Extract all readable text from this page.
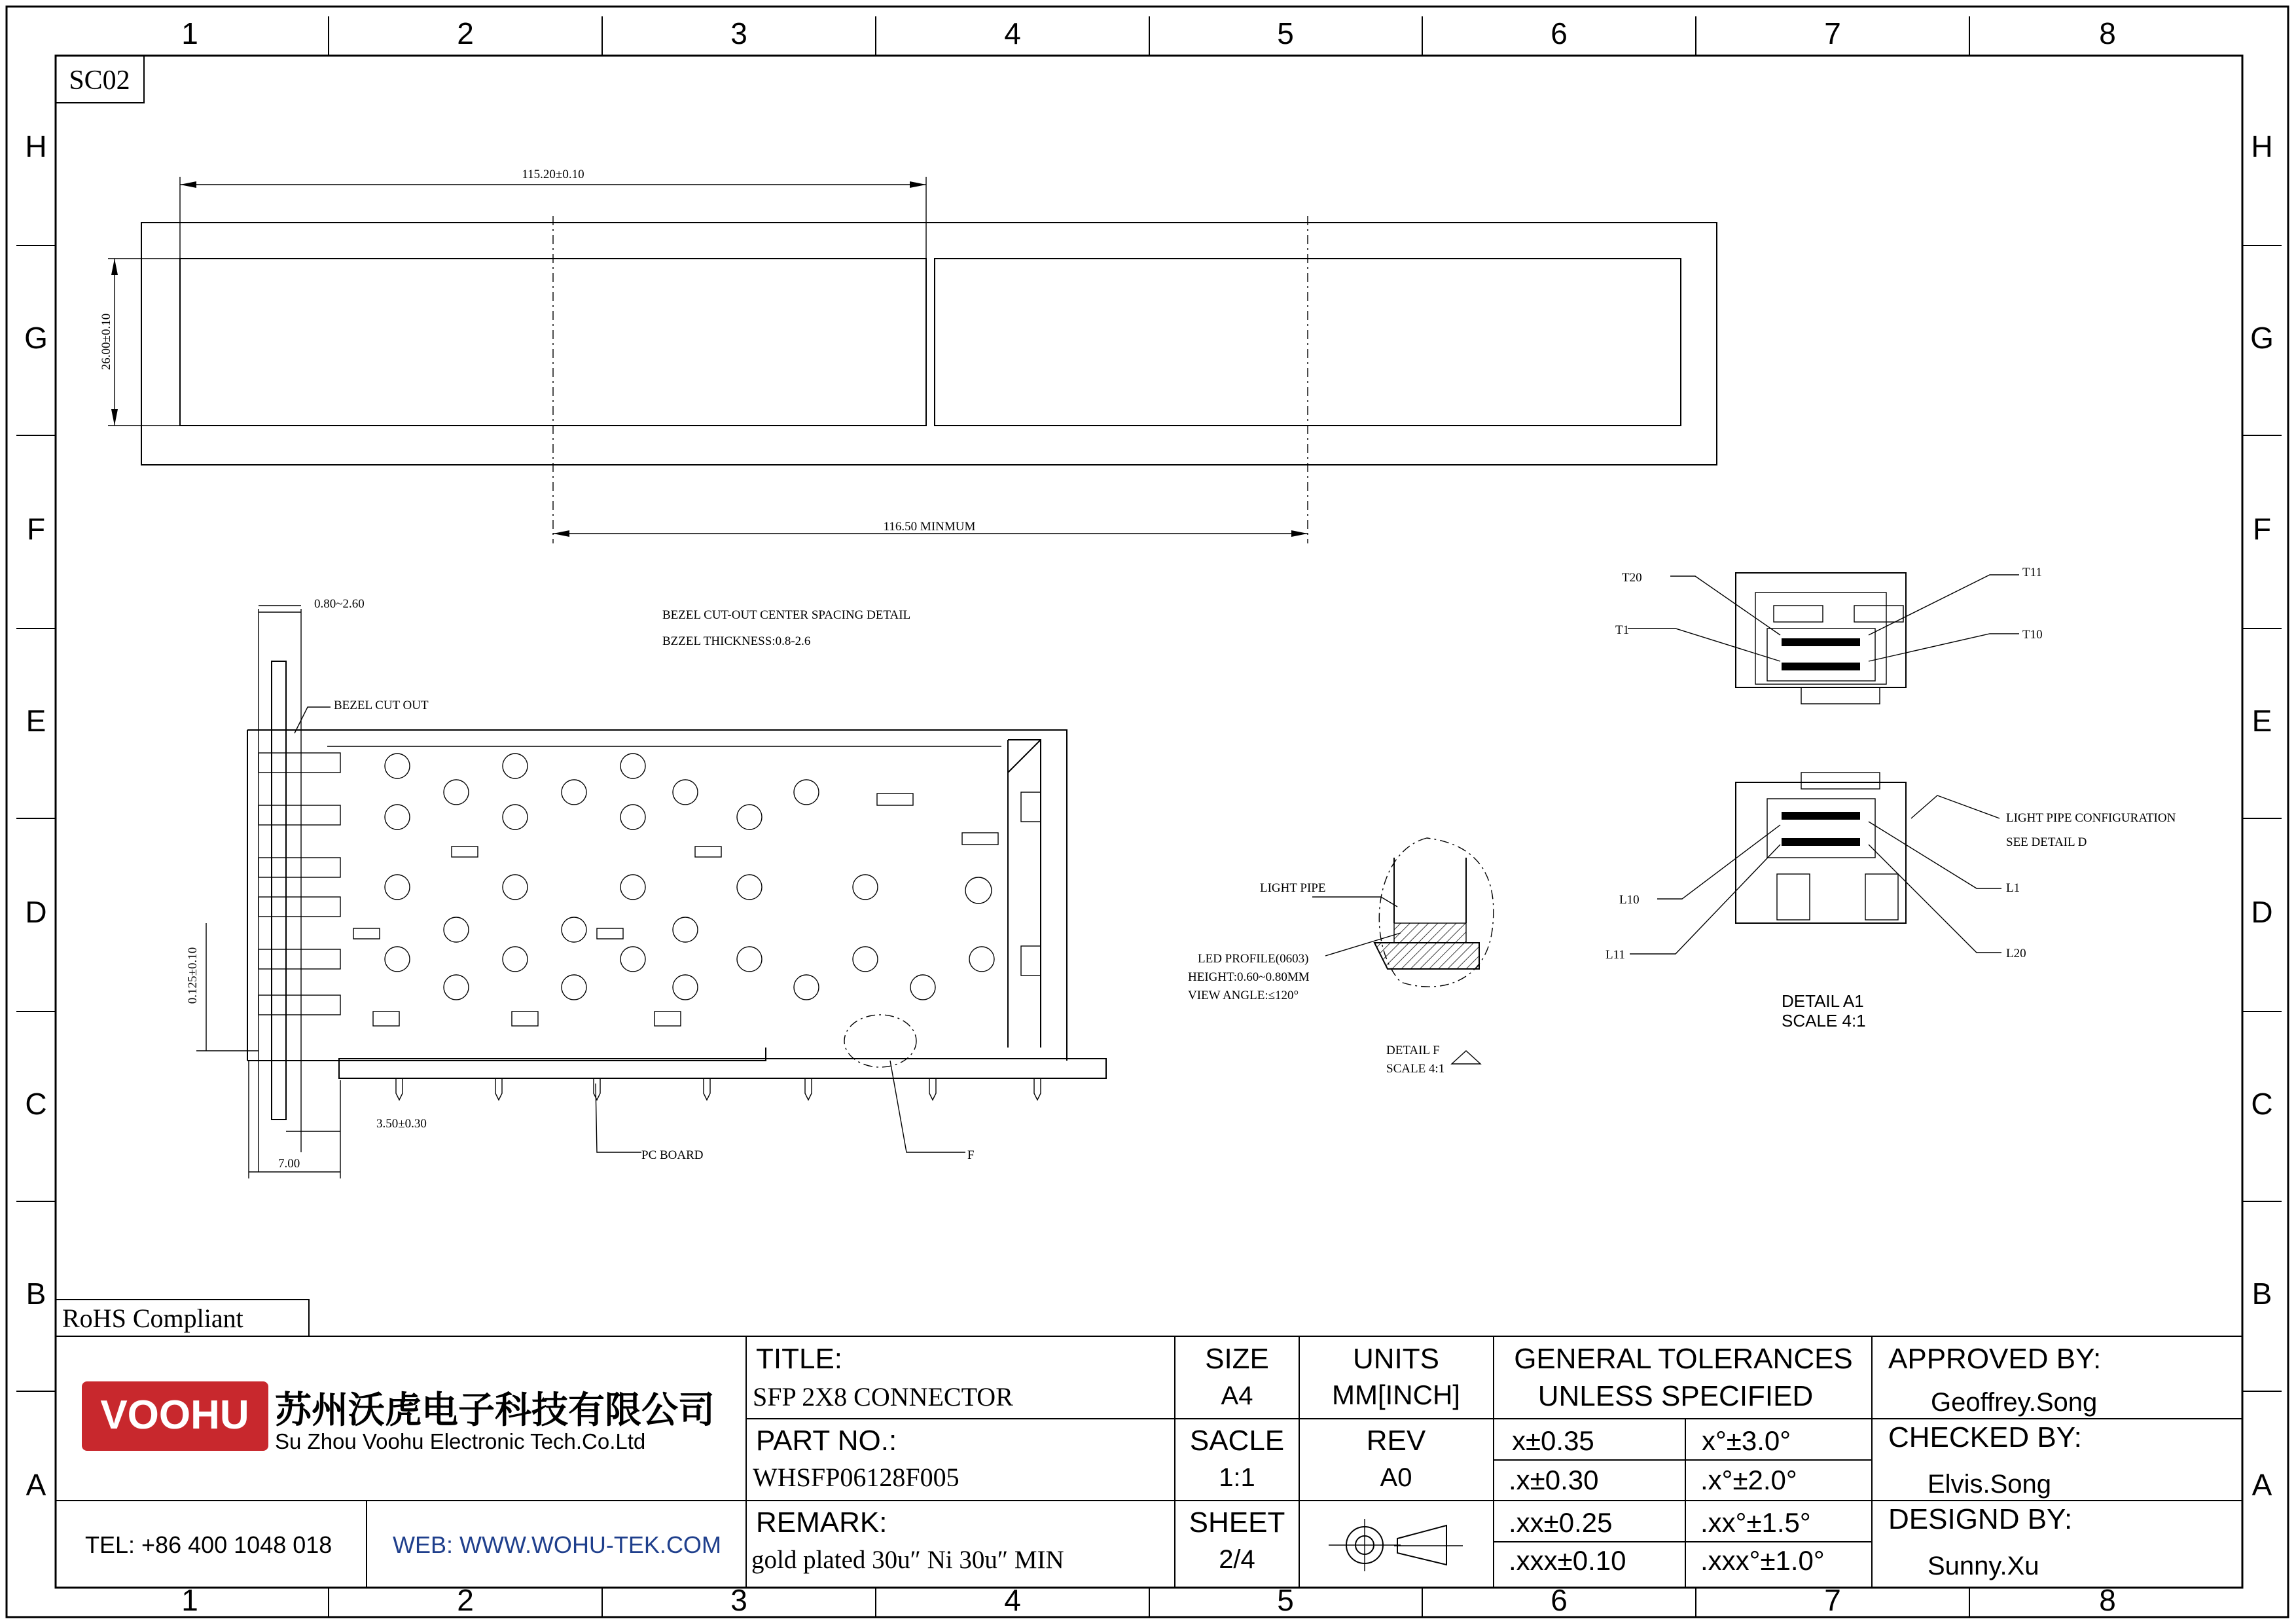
1	2	3	4	5	6	7	8
1	2	3	4	5	6	7	8
H
G
F
E
D
C
B
A
H
G
F
E
D
C
B
A
SC02
115.20±0.10
26.00±0.10
116.50 MINMUM
0.80~2.60
0.125±0.10
3.50±0.30
7.00
BEZEL CUT OUT
PC BOARD	F
BEZEL CUT-OUT CENTER SPACING DETAIL
BZZEL THICKNESS:0.8-2.6
LIGHT PIPE
LED PROFILE(0603)
HEIGHT:0.60~0.80MM
VIEW ANGLE:≤120°
DETAIL F
SCALE 4:1
T20
T1
T11
T10
L10
L11
L1
L20
LIGHT PIPE CONFIGURATION
SEE DETAIL D
DETAIL A1
SCALE 4:1
RoHS Compliant
VOOHU 苏州沃虎电子科技有限公司
Su Zhou Voohu Electronic Tech.Co.Ltd
TEL: +86 400 1048 018	WEB: WWW.WOHU-TEK.COM
TITLE:
SFP 2X8 CONNECTOR
PART NO.:
WHSFP06128F005
REMARK:
gold plated 30u″ Ni 30u″ MIN
SIZE
A4
UNITS
MM[INCH]
SACLE
1:1
REV
A0
SHEET
2/4
GENERAL TOLERANCES
UNLESS SPECIFIED
x±0.35	x°±3.0°
.x±0.30	.x°±2.0°
.xx±0.25	.xx°±1.5°
.xxx±0.10	.xxx°±1.0°
APPROVED BY:
Geoffrey.Song
CHECKED BY:
Elvis.Song
DESIGND BY:
Sunny.Xu
